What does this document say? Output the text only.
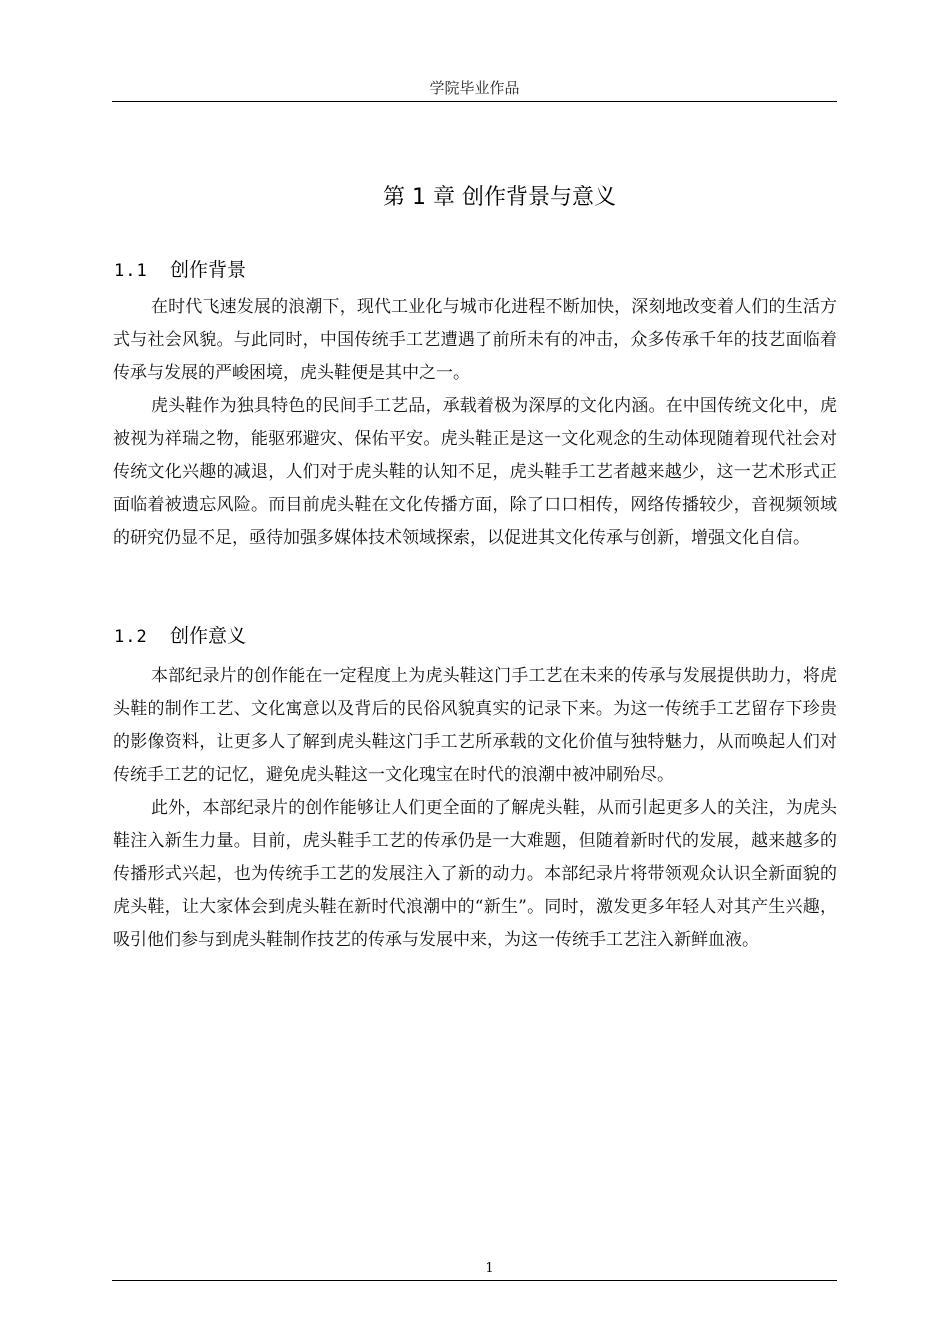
学院毕业作品
第 1 章 创作背景与意义
1.1 创作背景

在时代飞速发展的浪潮下，现代工业化与城市化进程不断加快，深刻地改变着人们的生活方式与社会风貌。与此同时，中国传统手工艺遭遇了前所未有的冲击，众多传承千年的技艺面临着传承与发展的严峻困境，虎头鞋便是其中之一。

虎头鞋作为独具特色的民间手工艺品，承载着极为深厚的文化内涵。在中国传统文化中，虎被视为祥瑞之物，能驱邪避灾、保佑平安。虎头鞋正是这一文化观念的生动体现随着现代社会对传统文化兴趣的减退，人们对于虎头鞋的认知不足，虎头鞋手工艺者越来越少，这一艺术形式正面临着被遗忘风险。而目前虎头鞋在文化传播方面，除了口口相传，网络传播较少，音视频领域的研究仍显不足，亟待加强多媒体技术领域探索，以促进其文化传承与创新，增强文化自信。

1.2 创作意义

本部纪录片的创作能在一定程度上为虎头鞋这门手工艺在未来的传承与发展提供助力，将虎头鞋的制作工艺、文化寓意以及背后的民俗风貌真实的记录下来。为这一传统手工艺留存下珍贵的影像资料，让更多人了解到虎头鞋这门手工艺所承载的文化价值与独特魅力，从而唤起人们对传统手工艺的记忆，避免虎头鞋这一文化瑰宝在时代的浪潮中被冲刷殆尽。

此外，本部纪录片的创作能够让人们更全面的了解虎头鞋，从而引起更多人的关注，为虎头鞋注入新生力量。目前，虎头鞋手工艺的传承仍是一大难题，但随着新时代的发展，越来越多的传播形式兴起，也为传统手工艺的发展注入了新的动力。本部纪录片将带领观众认识全新面貌的虎头鞋，让大家体会到虎头鞋在新时代浪潮中的“新生”。同时，激发更多年轻人对其产生兴趣，吸引他们参与到虎头鞋制作技艺的传承与发展中来，为这一传统手工艺注入新鲜血液。

1
